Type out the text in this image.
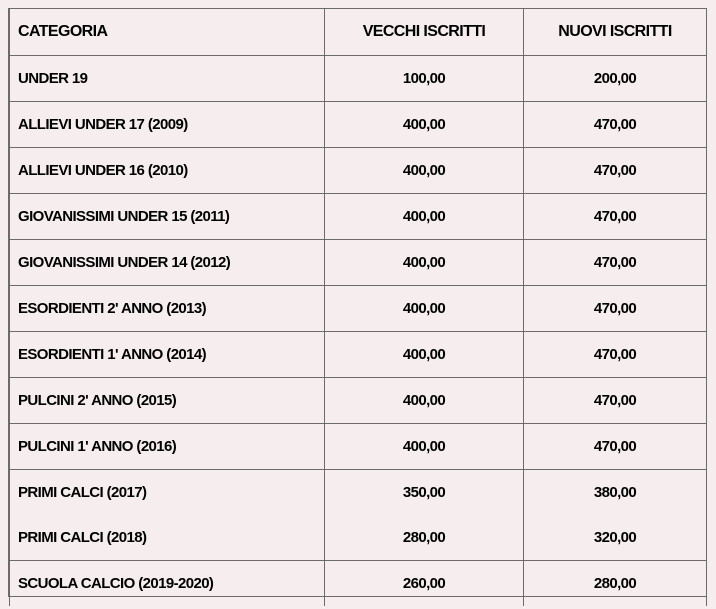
CATEGORIA	VECCHI ISCRITTI	NUOVI ISCRITTI
UNDER 19	100,00	200,00
ALLIEVI UNDER 17 (2009)	400,00	470,00
ALLIEVI UNDER 16 (2010)	400,00	470,00
GIOVANISSIMI UNDER 15 (2011)	400,00	470,00
GIOVANISSIMI UNDER 14 (2012)	400,00	470,00
ESORDIENTI 2' ANNO (2013)	400,00	470,00
ESORDIENTI 1' ANNO (2014)	400,00	470,00
PULCINI 2' ANNO (2015)	400,00	470,00
PULCINI 1' ANNO (2016)	400,00	470,00
PRIMI CALCI (2017)	350,00	380,00
PRIMI CALCI (2018)	280,00	320,00
SCUOLA CALCIO (2019-2020)	260,00	280,00
